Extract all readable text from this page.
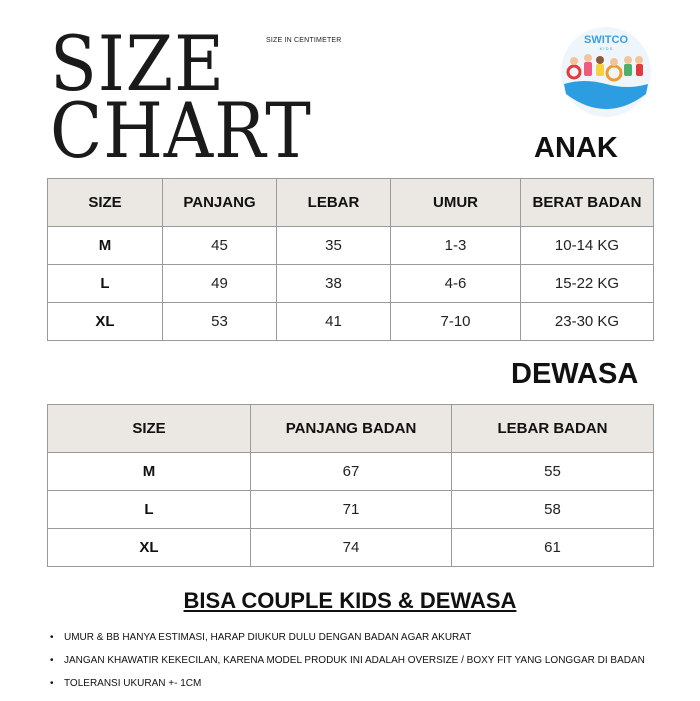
SIZE
CHART
SIZE IN CENTIMETER	SWITCO
K I D S
ANAK
SIZE	PANJANG	LEBAR	UMUR	BERAT BADAN
M	45	35	1-3	10-14 KG
L	49	38	4-6	15-22 KG
XL	53	41	7-10	23-30 KG
DEWASA
SIZE	PANJANG BADAN	LEBAR BADAN
M	67	55
L	71	58
XL	74	61
BISA COUPLE KIDS & DEWASA
• UMUR & BB HANYA ESTIMASI, HARAP DIUKUR DULU DENGAN BADAN AGAR AKURAT
• JANGAN KHAWATIR KEKECILAN, KARENA MODEL PRODUK INI ADALAH OVERSIZE / BOXY FIT YANG LONGGAR DI BADAN
• TOLERANSI UKURAN +- 1CM
